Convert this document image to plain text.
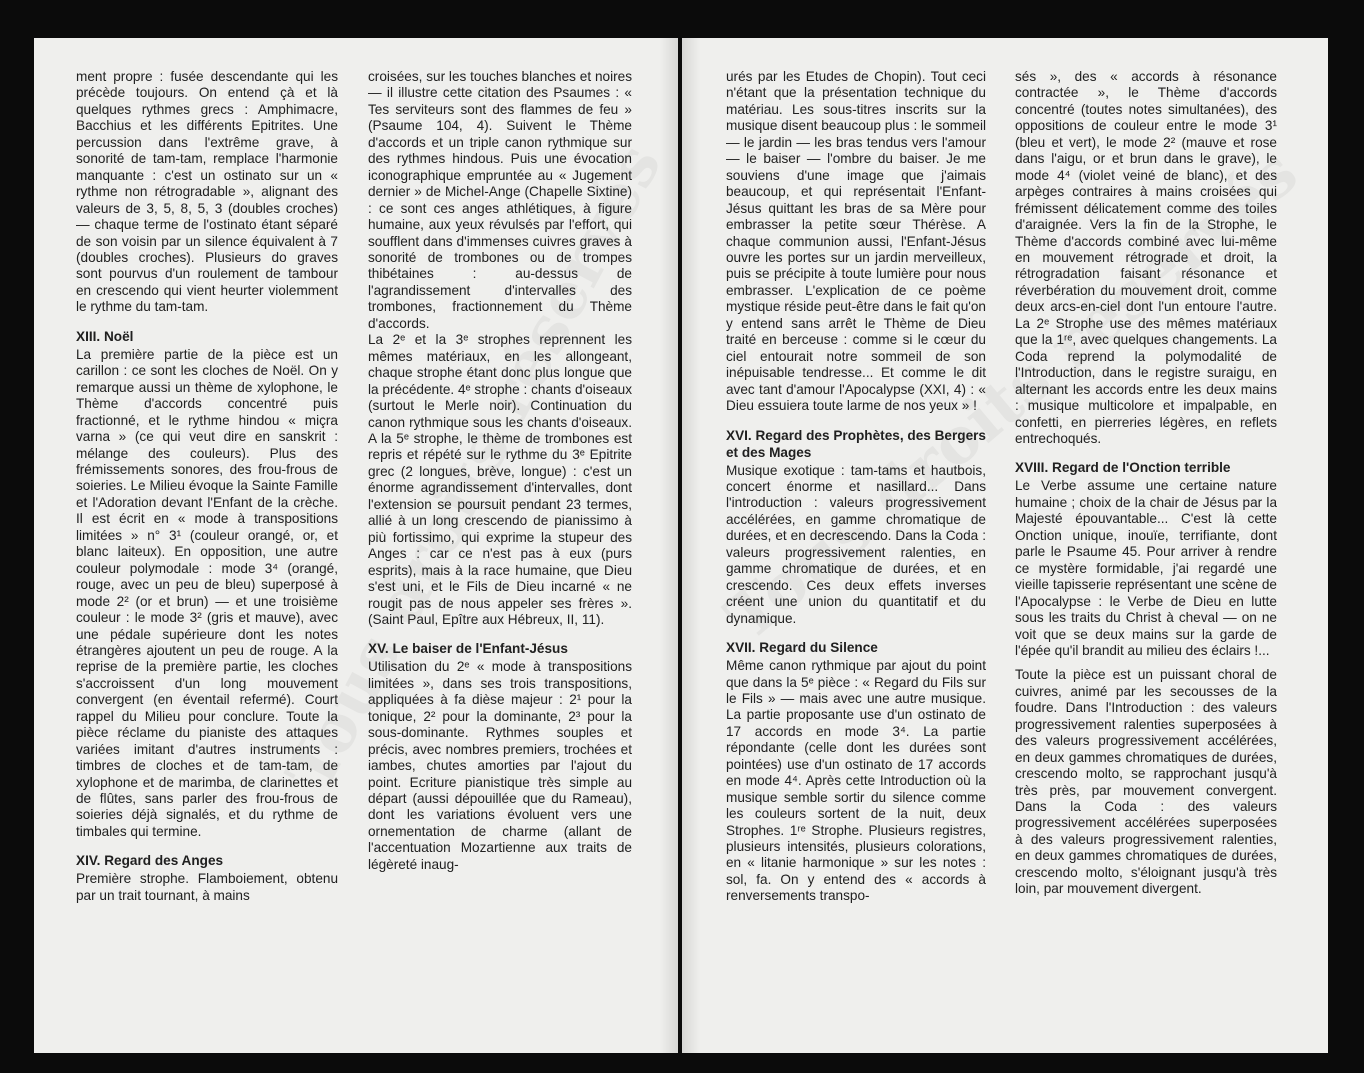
ment propre : fusée descendante qui les précède toujours. On entend çà et là quelques rythmes grecs : Amphimacre, Bacchius et les différents Epitrites. Une percussion dans l'extrême grave, à sonorité de tam-tam, remplace l'harmonie manquante : c'est un ostinato sur un « rythme non rétrogradable », alignant des valeurs de 3, 5, 8, 5, 3 (doubles croches) — chaque terme de l'ostinato étant séparé de son voisin par un silence équivalent à 7 (doubles croches). Plusieurs do graves sont pourvus d'un roulement de tambour en crescendo qui vient heurter violemment le rythme du tam-tam.

XIII. Noël

La première partie de la pièce est un carillon : ce sont les cloches de Noël. On y remarque aussi un thème de xylophone, le Thème d'accords concentré puis fractionné, et le rythme hindou « miçra varna » (ce qui veut dire en sanskrit : mélange des couleurs). Plus des frémissements sonores, des frou-frous de soieries. Le Milieu évoque la Sainte Famille et l'Adoration devant l'Enfant de la crèche. Il est écrit en « mode à transpositions limitées » n° 3¹ (couleur orangé, or, et blanc laiteux). En opposition, une autre couleur polymodale : mode 3⁴ (orangé, rouge, avec un peu de bleu) superposé à mode 2² (or et brun) — et une troisième couleur : le mode 3² (gris et mauve), avec une pédale supérieure dont les notes étrangères ajoutent un peu de rouge. A la reprise de la première partie, les cloches s'accroissent d'un long mouvement convergent (en éventail refermé). Court rappel du Milieu pour conclure. Toute la pièce réclame du pianiste des attaques variées imitant d'autres instruments : timbres de cloches et de tam-tam, de xylophone et de marimba, de clarinettes et de flûtes, sans parler des frou-frous de soieries déjà signalés, et du rythme de timbales qui termine.

XIV. Regard des Anges

Première strophe. Flamboiement, obtenu par un trait tournant, à mains

croisées, sur les touches blanches et noires — il illustre cette citation des Psaumes : « Tes serviteurs sont des flammes de feu » (Psaume 104, 4). Suivent le Thème d'accords et un triple canon rythmique sur des rythmes hindous. Puis une évocation iconographique empruntée au « Jugement dernier » de Michel-Ange (Chapelle Sixtine) : ce sont ces anges athlétiques, à figure humaine, aux yeux révulsés par l'effort, qui soufflent dans d'immenses cuivres graves à sonorité de trombones ou de trompes thibétaines : au-dessus de l'agrandissement d'intervalles des trombones, fractionnement du Thème d'accords.

La 2ᵉ et la 3ᵉ strophes reprennent les mêmes matériaux, en les allongeant, chaque strophe étant donc plus longue que la précédente. 4ᵉ strophe : chants d'oiseaux (surtout le Merle noir). Continuation du canon rythmique sous les chants d'oiseaux. A la 5ᵉ strophe, le thème de trombones est repris et répété sur le rythme du 3ᵉ Epitrite grec (2 longues, brève, longue) : c'est un énorme agrandissement d'intervalles, dont l'extension se poursuit pendant 23 termes, allié à un long crescendo de pianissimo à più fortissimo, qui exprime la stupeur des Anges : car ce n'est pas à eux (purs esprits), mais à la race humaine, que Dieu s'est uni, et le Fils de Dieu incarné « ne rougit pas de nous appeler ses frères ». (Saint Paul, Epître aux Hébreux, II, 11).

XV. Le baiser de l'Enfant-Jésus

Utilisation du 2ᵉ « mode à transpositions limitées », dans ses trois transpositions, appliquées à fa dièse majeur : 2¹ pour la tonique, 2² pour la dominante, 2³ pour la sous-dominante. Rythmes souples et précis, avec nombres premiers, trochées et iambes, chutes amorties par l'ajout du point. Ecriture pianistique très simple au départ (aussi dépouillée que du Rameau), dont les variations évoluent vers une ornementation de charme (allant de l'accentuation Mozartienne aux traits de légèreté inaug-

urés par les Etudes de Chopin). Tout ceci n'étant que la présentation technique du matériau. Les sous-titres inscrits sur la musique disent beaucoup plus : le sommeil — le jardin — les bras tendus vers l'amour — le baiser — l'ombre du baiser. Je me souviens d'une image que j'aimais beaucoup, et qui représentait l'Enfant-Jésus quittant les bras de sa Mère pour embrasser la petite sœur Thérèse. A chaque communion aussi, l'Enfant-Jésus ouvre les portes sur un jardin merveilleux, puis se précipite à toute lumière pour nous embrasser. L'explication de ce poème mystique réside peut-être dans le fait qu'on y entend sans arrêt le Thème de Dieu traité en berceuse : comme si le cœur du ciel entourait notre sommeil de son inépuisable tendresse... Et comme le dit avec tant d'amour l'Apocalypse (XXI, 4) : « Dieu essuiera toute larme de nos yeux » !

XVI. Regard des Prophètes, des Bergers et des Mages

Musique exotique : tam-tams et hautbois, concert énorme et nasillard... Dans l'introduction : valeurs progressivement accélérées, en gamme chromatique de durées, et en decrescendo. Dans la Coda : valeurs progressivement ralenties, en gamme chromatique de durées, et en crescendo. Ces deux effets inverses créent une union du quantitatif et du dynamique.

XVII. Regard du Silence

Même canon rythmique par ajout du point que dans la 5ᵉ pièce : « Regard du Fils sur le Fils » — mais avec une autre musique. La partie proposante use d'un ostinato de 17 accords en mode 3⁴. La partie répondante (celle dont les durées sont pointées) use d'un ostinato de 17 accords en mode 4⁴. Après cette Introduction où la musique semble sortir du silence comme les couleurs sortent de la nuit, deux Strophes. 1ʳᵉ Strophe. Plusieurs registres, plusieurs intensités, plusieurs colorations, en « litanie harmonique » sur les notes : sol, fa. On y entend des « accords à renversements transpo-

sés », des « accords à résonance contractée », le Thème d'accords concentré (toutes notes simultanées), des oppositions de couleur entre le mode 3¹ (bleu et vert), le mode 2² (mauve et rose dans l'aigu, or et brun dans le grave), le mode 4⁴ (violet veiné de blanc), et des arpèges contraires à mains croisées qui frémissent délicatement comme des toiles d'araignée. Vers la fin de la Strophe, le Thème d'accords combiné avec lui-même en mouvement rétrograde et droit, la rétrogradation faisant résonance et réverbération du mouvement droit, comme deux arcs-en-ciel dont l'un entoure l'autre. La 2ᵉ Strophe use des mêmes matériaux que la 1ʳᵉ, avec quelques changements. La Coda reprend la polymodalité de l'Introduction, dans le registre suraigu, en alternant les accords entre les deux mains : musique multicolore et impalpable, en confetti, en pierreries légères, en reflets entrechoqués.

XVIII. Regard de l'Onction terrible

Le Verbe assume une certaine nature humaine ; choix de la chair de Jésus par la Majesté épouvantable... C'est là cette Onction unique, inouïe, terrifiante, dont parle le Psaume 45. Pour arriver à rendre ce mystère formidable, j'ai regardé une vieille tapisserie représentant une scène de l'Apocalypse : le Verbe de Dieu en lutte sous les traits du Christ à cheval — on ne voit que se deux mains sur la garde de l'épée qu'il brandit au milieu des éclairs !...

Toute la pièce est un puissant choral de cuivres, animé par les secousses de la foudre. Dans l'Introduction : des valeurs progressivement ralenties superposées à des valeurs progressivement accélérées, en deux gammes chromatiques de durées, crescendo molto, se rapprochant jusqu'à très près, par mouvement convergent. Dans la Coda : des valeurs progressivement accélérées superposées à des valeurs progressivement ralenties, en deux gammes chromatiques de durées, crescendo molto, s'éloignant jusqu'à très loin, par mouvement divergent.
